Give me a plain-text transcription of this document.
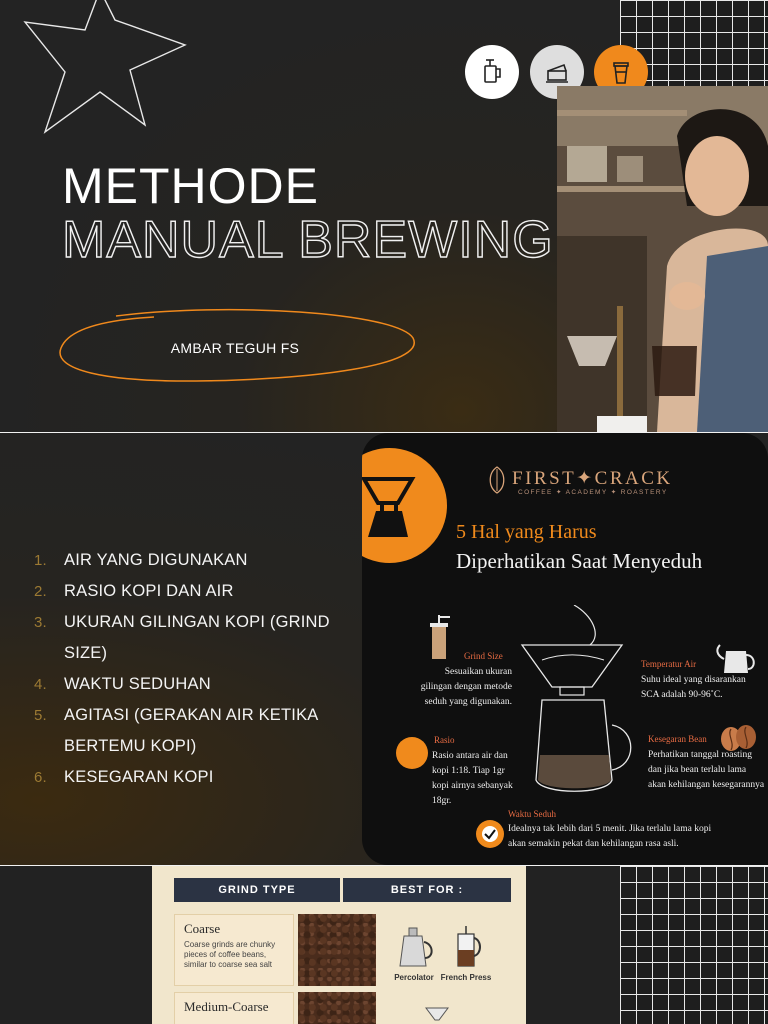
METHODE
MANUAL BREWING
AMBAR TEGUH FS
1. AIR YANG DIGUNAKAN
2. RASIO KOPI DAN AIR
3. UKURAN GILINGAN KOPI (GRIND SIZE)
4. WAKTU SEDUHAN
5. AGITASI (GERAKAN AIR KETIKA BERTEMU KOPI)
6. KESEGARAN KOPI
FIRST✦CRACK
COFFEE ✦ ACADEMY ✦ ROASTERY
5 Hal yang Harus
Diperhatikan Saat Menyeduh
Grind Size
Sesuaikan ukuran gilingan dengan metode seduh yang digunakan.
Temperatur Air
Suhu ideal yang disarankan SCA adalah 90-96˚C.
Rasio
Rasio antara air dan kopi 1:18. Tiap 1gr kopi airnya sebanyak 18gr.
Kesegaran Bean
Perhatikan tanggal roasting dan jika bean terlalu lama akan kehilangan kesegarannya
Waktu Seduh
Idealnya tak lebih dari 5 menit. Jika terlalu lama kopi akan semakin pekat dan kehilangan rasa asli.
GRIND TYPE	BEST FOR :
Coarse
Coarse grinds are chunky pieces of coffee beans, similar to coarse sea salt
Percolator French Press
Medium-Coarse
